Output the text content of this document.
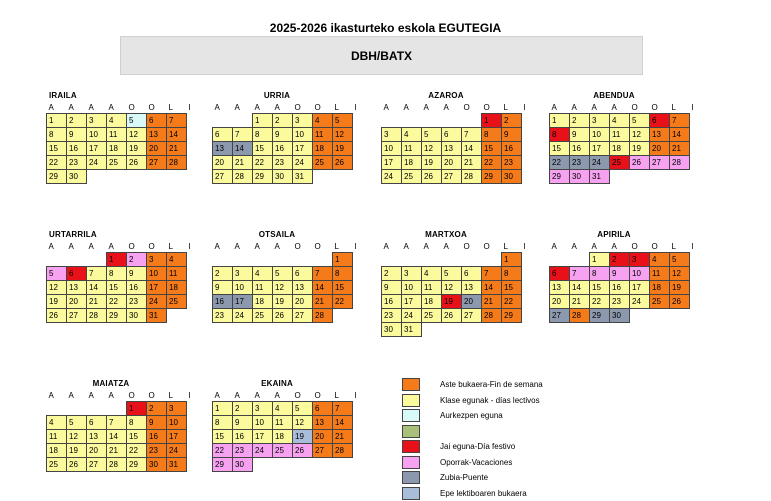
2025-2026 ikasturteko eskola EGUTEGIA
DBH/BATX
IRAILA
A	A	A	A	O	O	L	I
1	2	3	4	5	6	7	
8	9	10	11	12	13	14	
15	16	17	18	19	20	21	
22	23	24	25	26	27	28	
29	30						
URRIA
A	A	A	A	O	O	L	I
		1	2	3	4	5	
6	7	8	9	10	11	12	
13	14	15	16	17	18	19	
20	21	22	23	24	25	26	
27	28	29	30	31			
AZAROA
A	A	A	A	O	O	L	I
					1	2	
3	4	5	6	7	8	9	
10	11	12	13	14	15	16	
17	18	19	20	21	22	23	
24	25	26	27	28	29	30	
ABENDUA
A	A	A	A	O	O	L	I
1	2	3	4	5	6	7	
8	9	10	11	12	13	14	
15	16	17	18	19	20	21	
22	23	24	25	26	27	28	
29	30	31					
URTARRILA
A	A	A	A	O	O	L	I
			1	2	3	4	
5	6	7	8	9	10	11	
12	13	14	15	16	17	18	
19	20	21	22	23	24	25	
26	27	28	29	30	31		
OTSAILA
A	A	A	A	O	O	L	I
						1	
2	3	4	5	6	7	8	
9	10	11	12	13	14	15	
16	17	18	19	20	21	22	
23	24	25	26	27	28		
MARTXOA
A	A	A	A	O	O	L	I
						1	
2	3	4	5	6	7	8	
9	10	11	12	13	14	15	
16	17	18	19	20	21	22	
23	24	25	26	27	28	29	
30	31						
APIRILA
A	A	A	A	O	O	L	I
		1	2	3	4	5	
6	7	8	9	10	11	12	
13	14	15	16	17	18	19	
20	21	22	23	24	25	26	
27	28	29	30				
MAIATZA
A	A	A	A	O	O	L	I
				1	2	3	
4	5	6	7	8	9	10	
11	12	13	14	15	16	17	
18	19	20	21	22	23	24	
25	26	27	28	29	30	31	
EKAINA
A	A	A	A	O	O	L	I
1	2	3	4	5	6	7	
8	9	10	11	12	13	14	
15	16	17	18	19	20	21	
22	23	24	25	26	27	28	
29	30						
Aste bukaera-Fin de semana
Klase egunak - días lectivos
Aurkezpen eguna
Jai eguna-Día festivo
Oporrak-Vacaciones
Zubia-Puente
Epe lektiboaren bukaera
